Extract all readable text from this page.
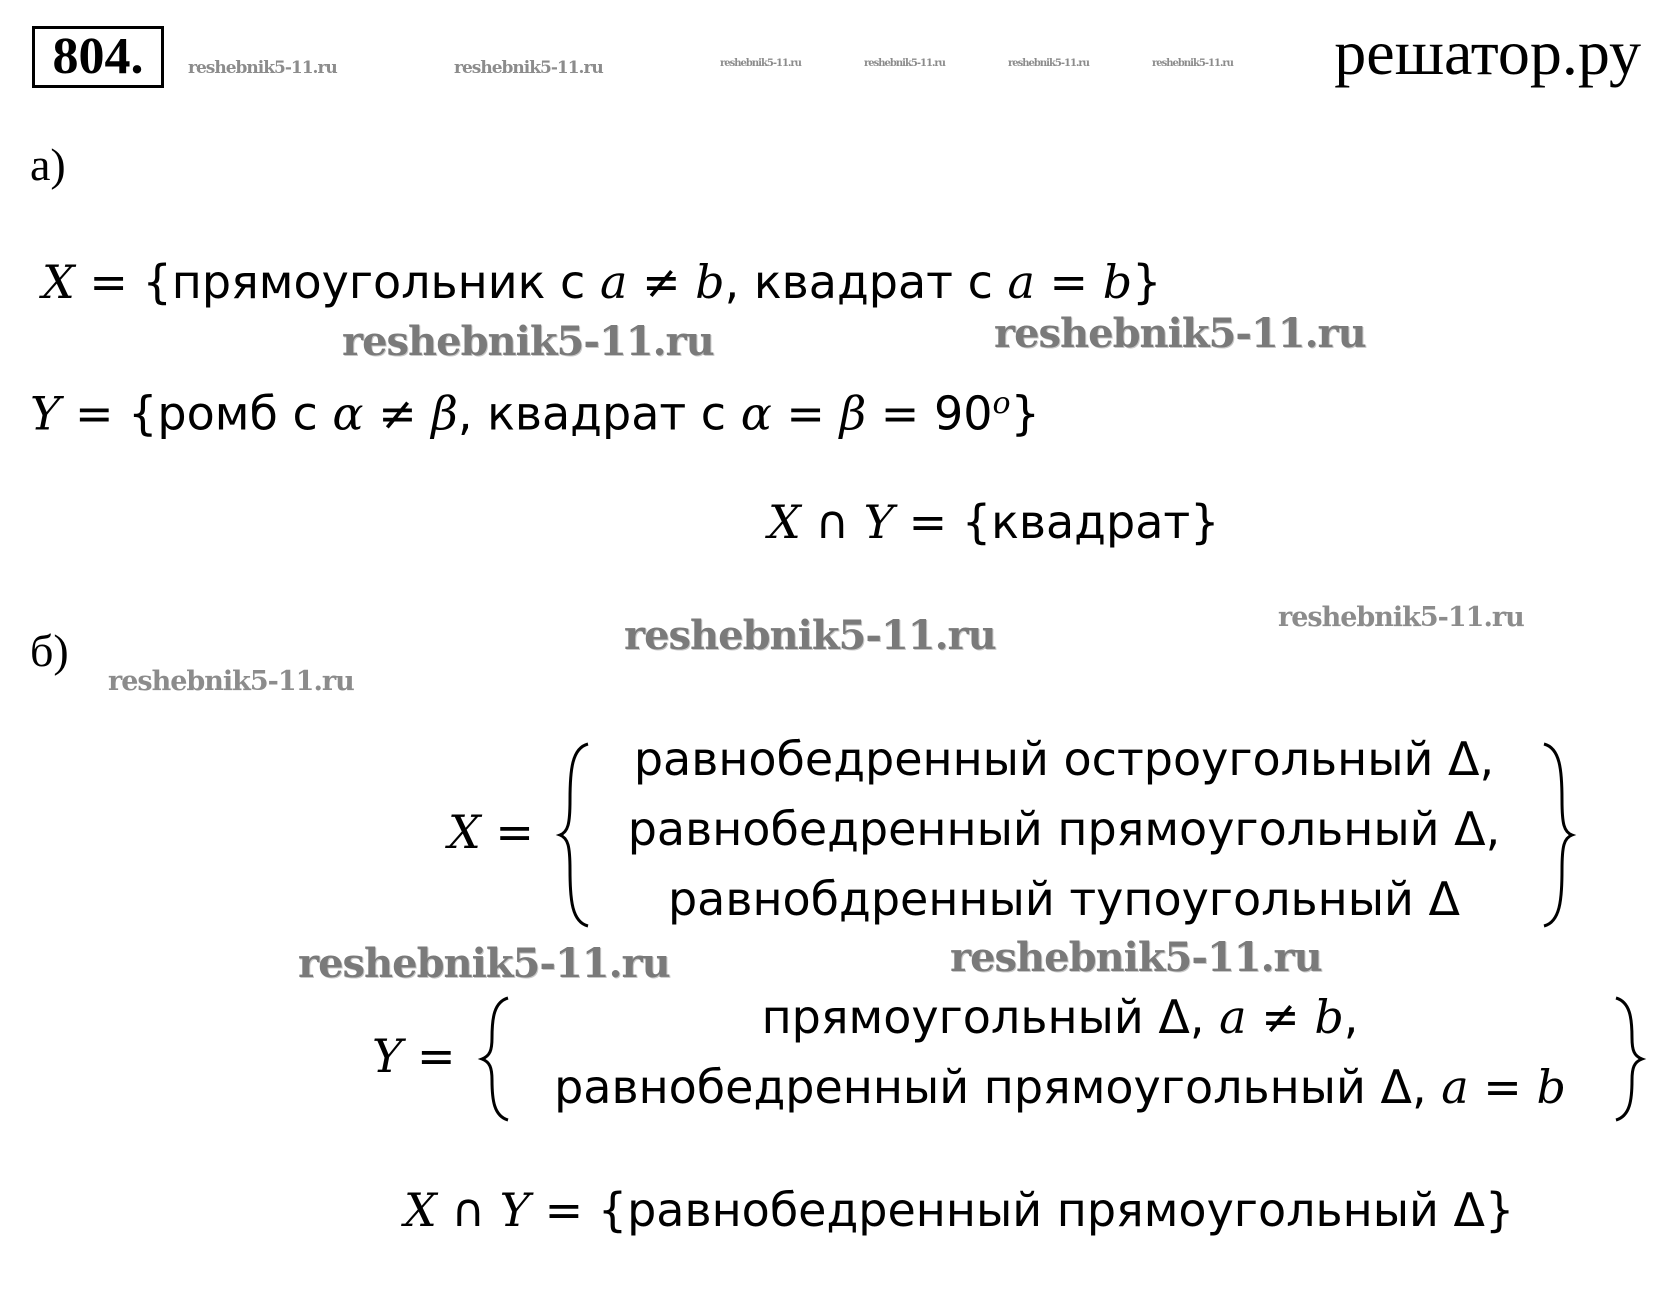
804.	решатор.ру
reshebnik5-11.ru	reshebnik5-11.ru	reshebnik5-11.ru	reshebnik5-11.ru	reshebnik5-11.ru	reshebnik5-11.ru
а)
X = {прямоугольник с a ≠ b, квадрат с a = b}
reshebnik5-11.ru	reshebnik5-11.ru
Y = {ромб с α ≠ β, квадрат с $\alpha = \beta = 90^o$}
X ∩ Y = {квадрат}
б)	reshebnik5-11.ru	reshebnik5-11.ru
reshebnik5-11.ru
X =
равнобедренный остроугольный Δ,
равнобедренный прямоугольный Δ,
равнобдренный тупоугольный Δ
reshebnik5-11.ru	reshebnik5-11.ru
Y =
прямоугольный Δ, a ≠ b,
равнобедренный прямоугольный Δ, a = b
X ∩ Y = {равнобедренный прямоугольный Δ}
